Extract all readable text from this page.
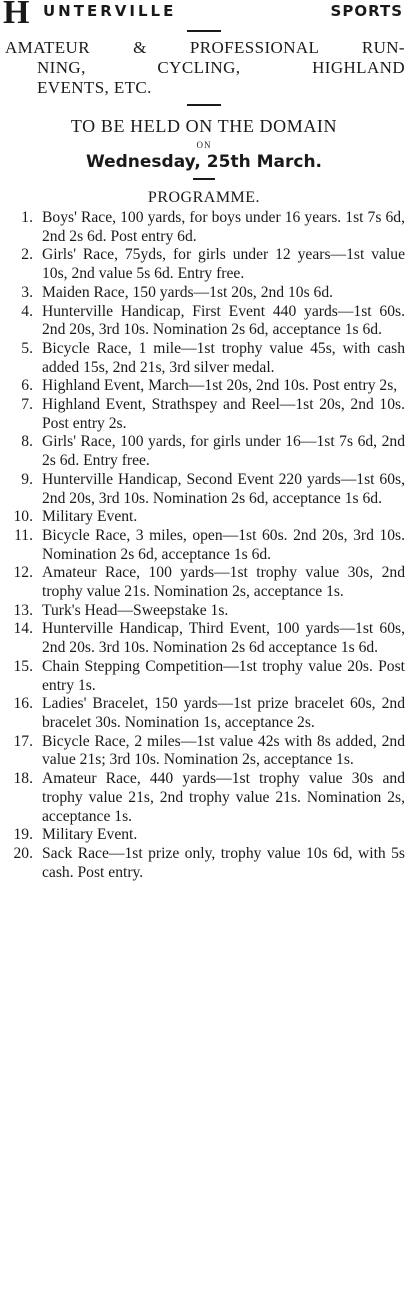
H UNTERVILLE	SPORTS
AMATEUR & PROFESSIONAL RUN-
NING, CYCLING, HIGHLAND
EVENTS, ETC.
TO BE HELD ON THE DOMAIN
ON
Wednesday, 25th March.
PROGRAMME.
1. Boys' Race, 100 yards, for boys under 16 years. 1st 7s 6d, 2nd 2s 6d. Post entry 6d.
2. Girls' Race, 75yds, for girls under 12 years—1st value 10s, 2nd value 5s 6d. Entry free.
3. Maiden Race, 150 yards—1st 20s, 2nd 10s 6d.
4. Hunterville Handicap, First Event 440 yards—1st 60s. 2nd 20s, 3rd 10s. Nomination 2s 6d, acceptance 1s 6d.
5. Bicycle Race, 1 mile—1st trophy value 45s, with cash added 15s, 2nd 21s, 3rd silver medal.
6. Highland Event, March—1st 20s, 2nd 10s. Post entry 2s,
7. Highland Event, Strathspey and Reel—1st 20s, 2nd 10s. Post entry 2s.
8. Girls' Race, 100 yards, for girls under 16—1st 7s 6d, 2nd 2s 6d. Entry free.
9. Hunterville Handicap, Second Event 220 yards—1st 60s, 2nd 20s, 3rd 10s. Nomination 2s 6d, acceptance 1s 6d.
10. Military Event.
11. Bicycle Race, 3 miles, open—1st 60s. 2nd 20s, 3rd 10s. Nomination 2s 6d, acceptance 1s 6d.
12. Amateur Race, 100 yards—1st trophy value 30s, 2nd trophy value 21s. Nomination 2s, acceptance 1s.
13. Turk's Head—Sweepstake 1s.
14. Hunterville Handicap, Third Event, 100 yards—1st 60s, 2nd 20s. 3rd 10s. Nomination 2s 6d acceptance 1s 6d.
15. Chain Stepping Competition—1st trophy value 20s. Post entry 1s.
16. Ladies' Bracelet, 150 yards—1st prize bracelet 60s, 2nd bracelet 30s. Nomination 1s, acceptance 2s.
17. Bicycle Race, 2 miles—1st value 42s with 8s added, 2nd value 21s; 3rd 10s. Nomination 2s, acceptance 1s.
18. Amateur Race, 440 yards—1st trophy value 30s and trophy value 21s, 2nd trophy value 21s. Nomination 2s, acceptance 1s.
19. Military Event.
20. Sack Race—1st prize only, trophy value 10s 6d, with 5s cash. Post entry.
